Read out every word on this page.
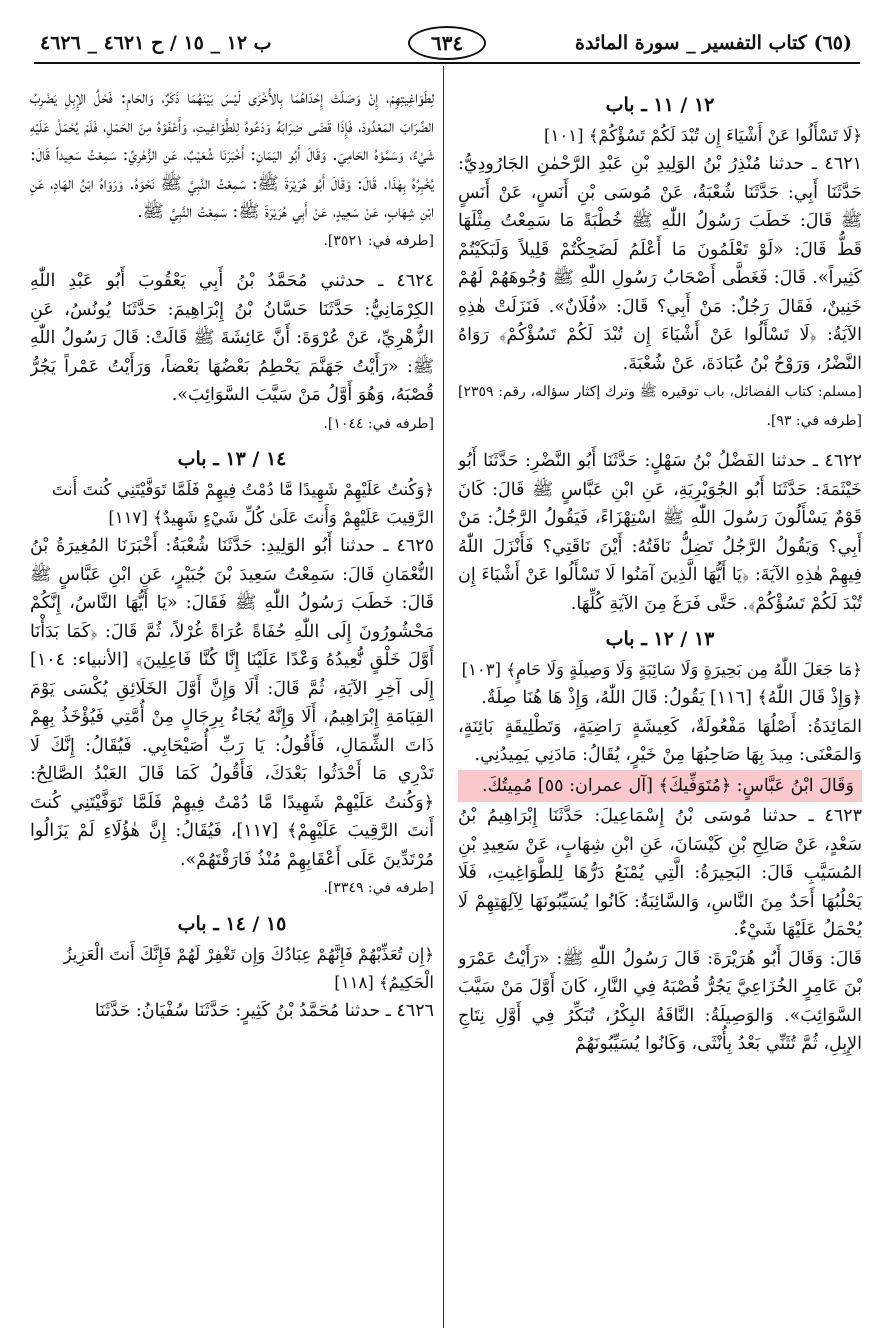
(٦٥) كتاب التفسير _ سورة المائدة
٦٣٤
ب ١٢ _ ١٥ / ح ٤٦٢١ _ ٤٦٢٦
١٢ / ١١ ـ باب

﴿لَا تَسْأَلُوا عَنْ أَشْيَاءَ إِن تُبْدَ لَكُمْ تَسُؤْكُمْ﴾ [١٠١]

٤٦٢١ ـ حدثنا مُنْذِرُ بْنُ الوَلِيدِ بْنِ عَبْدِ الرَّحْمٰنِ الجَارُودِيُّ: حَدَّثَنَا أَبِي: حَدَّثَنَا شُعْبَةُ، عَنْ مُوسَى بْنِ أَنَسٍ، عَنْ أَنَسٍ ﷺ قَالَ: خَطَبَ رَسُولُ اللّٰهِ ﷺ خُطْبَةً مَا سَمِعْتُ مِثْلَهَا قَطُّ قَالَ: «لَوْ تَعْلَمُونَ مَا أَعْلَمُ لَضَحِكْتُمْ قَلِيلاً وَلَبَكَيْتُمْ كَثِيراً». قَالَ: فَغَطَّى أَصْحَابُ رَسُولِ اللّٰهِ ﷺ وُجُوهَهُمْ لَهُمْ خَنِينٌ، فَقَالَ رَجُلٌ: مَنْ أَبِي؟ قَالَ: «فُلَانٌ». فَنَزَلَتْ هٰذِهِ الآيَةُ: ﴿لَا تَسْأَلُوا عَنْ أَشْيَاءَ إِن تُبْدَ لَكُمْ تَسُؤْكُمْ﴾ رَوَاهُ النَّضْرُ، وَرَوْحُ بْنُ عُبَادَةَ، عَنْ شُعْبَةَ.

[مسلم: كتاب الفضائل، باب توقيره ﷺ وترك إكثار سؤاله، رقم: ٢٣٥٩] [طرفه في: ٩٣].

٤٦٢٢ ـ حدثنا الفَضْلُ بْنُ سَهْلٍ: حَدَّثَنَا أَبُو النَّضْرِ: حَدَّثَنَا أَبُو خَيْثَمَةَ: حَدَّثَنَا أَبُو الجُوَيْرِيَةِ، عَنِ ابْنِ عَبَّاسٍ ﷺ قَالَ: كَانَ قَوْمٌ يَسْأَلُونَ رَسُولَ اللّٰهِ ﷺ اسْتِهْزَاءً، فَيَقُولُ الرَّجُلُ: مَنْ أَبِي؟ وَيَقُولُ الرَّجُلُ تَضِلُّ نَاقَتُهُ: أَيْنَ نَاقَتِي؟ فَأَنْزَلَ اللّٰهُ فِيهِمْ هٰذِهِ الآيَةَ: ﴿يَا أَيُّهَا الَّذِينَ آمَنُوا لَا تَسْأَلُوا عَنْ أَشْيَاءَ إِن تُبْدَ لَكُمْ تَسُؤْكُمْ﴾. حَتَّى فَرَغَ مِنَ الآيَةِ كُلِّهَا.

١٣ / ١٢ ـ باب

﴿مَا جَعَلَ اللّٰهُ مِن بَحِيرَةٍ وَلَا سَائِبَةٍ وَلَا وَصِيلَةٍ وَلَا حَامٍ﴾ [١٠٣]

﴿وَإِذْ قَالَ اللّٰهُ﴾ [١١٦] يَقُولُ: قَالَ اللّٰهُ، وَإِذْ هَا هُنَا صِلَةٌ.

المَائِدَةُ: أَصْلُهَا مَفْعُولَةٌ، كَعِيشَةٍ رَاضِيَةٍ، وَتَطْلِيقَةٍ بَائِنَةٍ، وَالمَعْنَى: مِيدَ بِهَا صَاحِبُهَا مِنْ خَيْرٍ، يُقَالُ: مَادَنِي يَمِيدُنِي.

وَقَالَ ابْنُ عَبَّاسٍ: ﴿مُتَوَفِّيكَ﴾ [آل عمران: ٥٥] مُمِيتُكَ.

٤٦٢٣ ـ حدثنا مُوسَى بْنُ إِسْمَاعِيلَ: حَدَّثَنَا إِبْرَاهِيمُ بْنُ سَعْدٍ، عَنْ صَالِحِ بْنِ كَيْسَانَ، عَنِ ابْنِ شِهَابٍ، عَنْ سَعِيدِ بْنِ المُسَيَّبِ قَالَ: البَحِيرَةُ: الَّتِي يُمْنَعُ دَرُّهَا لِلطَّوَاغِيتِ، فَلَا يَحْلُبُهَا أَحَدٌ مِنَ النَّاسِ، وَالسَّائِبَةُ: كَانُوا يُسَيِّبُونَهَا لِآلِهَتِهِمْ لَا يُحْمَلُ عَلَيْهَا شَيْءٌ.

قَالَ: وَقَالَ أَبُو هُرَيْرَةَ: قَالَ رَسُولُ اللّٰهِ ﷺ: «رَأَيْتُ عَمْرَو بْنَ عَامِرٍ الخُزَاعِيَّ يَجُرُّ قُصْبَهُ فِي النَّارِ، كَانَ أَوَّلَ مَنْ سَيَّبَ السَّوَائِبَ». وَالوَصِيلَةُ: النَّاقَةُ البِكْرُ، تُبَكِّرُ فِي أَوَّلِ نِتَاجِ الإِبِلِ، ثُمَّ تُثَنِّي بَعْدُ بِأُنْثَى، وَكَانُوا يُسَيِّبُونَهُمْ

لِطَوَاغِيتِهِمْ، إِنْ وَصَلَتْ إِحْدَاهُمَا بِالأُخْرَى لَيْسَ بَيْنَهُمَا ذَكَرٌ، وَالحَامِ: فَحْلُ الإِبِلِ يَضْرِبُ الضِّرَابَ المَعْدُودَ، فَإِذَا قَضَى ضِرَابَهُ وَدَعُوهُ لِلطَّوَاغِيتِ، وَأَعْفَوْهُ مِنَ الحَمْلِ، فَلَمْ يُحْمَلْ عَلَيْهِ شَيْءٌ، وَسَمَّوْهُ الحَامِيَ. وَقَالَ أَبُو اليَمَانِ: أَخْبَرَنَا شُعَيْبٌ، عَنِ الزُّهْرِيِّ: سَمِعْتُ سَعِيداً قَالَ: يُخْبِرُهُ بِهٰذَا. قَالَ: وَقَالَ أَبُو هُرَيْرَةَ ﷺ: سَمِعْتُ النَّبِيَّ ﷺ نَحْوَهُ. وَرَوَاهُ ابْنُ الهَادِ، عَنِ ابْنِ شِهَابٍ، عَنْ سَعِيدٍ، عَنْ أَبِي هُرَيْرَةَ ﷺ: سَمِعْتُ النَّبِيَّ ﷺ.

[طرفه في: ٣٥٢١].

٤٦٢٤ ـ حدثني مُحَمَّدُ بْنُ أَبِي يَعْقُوبَ أَبُو عَبْدِ اللّٰهِ الكِرْمَانِيُّ: حَدَّثَنَا حَسَّانُ بْنُ إِبْرَاهِيمَ: حَدَّثَنَا يُونُسُ، عَنِ الزُّهْرِيِّ، عَنْ عُرْوَةَ: أَنَّ عَائِشَةَ ﷺ قَالَتْ: قَالَ رَسُولُ اللّٰهِ ﷺ: «رَأَيْتُ جَهَنَّمَ يَحْطِمُ بَعْضُهَا بَعْضاً، وَرَأَيْتُ عَمْراً يَجُرُّ قُصْبَهُ، وَهُوَ أَوَّلُ مَنْ سَيَّبَ السَّوَائِبَ».

[طرفه في: ١٠٤٤].

١٤ / ١٣ ـ باب

﴿وَكُنتُ عَلَيْهِمْ شَهِيدًا مَّا دُمْتُ فِيهِمْ فَلَمَّا تَوَفَّيْتَنِي كُنتَ أَنتَ الرَّقِيبَ عَلَيْهِمْ وَأَنتَ عَلَىٰ كُلِّ شَيْءٍ شَهِيدٌ﴾ [١١٧]

٤٦٢٥ ـ حدثنا أَبُو الوَلِيدِ: حَدَّثَنَا شُعْبَةُ: أَخْبَرَنَا المُغِيرَةُ بْنُ النُّعْمَانِ قَالَ: سَمِعْتُ سَعِيدَ بْنَ جُبَيْرٍ، عَنِ ابْنِ عَبَّاسٍ ﷺ قَالَ: خَطَبَ رَسُولُ اللّٰهِ ﷺ فَقَالَ: «يَا أَيُّهَا النَّاسُ، إِنَّكُمْ مَحْشُورُونَ إِلَى اللّٰهِ حُفَاةً عُرَاةً غُرْلاً، ثُمَّ قَالَ: ﴿كَمَا بَدَأْنَا أَوَّلَ خَلْقٍ نُّعِيدُهُ وَعْدًا عَلَيْنَا إِنَّا كُنَّا فَاعِلِينَ﴾ [الأنبياء: ١٠٤] إِلَى آخِرِ الآيَةِ، ثُمَّ قَالَ: أَلَا وَإِنَّ أَوَّلَ الخَلَائِقِ يُكْسَى يَوْمَ القِيَامَةِ إِبْرَاهِيمُ، أَلَا وَإِنَّهُ يُجَاءُ بِرِجَالٍ مِنْ أُمَّتِي فَيُؤْخَذُ بِهِمْ ذَاتَ الشِّمَالِ، فَأَقُولُ: يَا رَبِّ أُصَيْحَابِي. فَيُقَالُ: إِنَّكَ لَا تَدْرِي مَا أَحْدَثُوا بَعْدَكَ، فَأَقُولُ كَمَا قَالَ العَبْدُ الصَّالِحُ: ﴿وَكُنتُ عَلَيْهِمْ شَهِيدًا مَّا دُمْتُ فِيهِمْ فَلَمَّا تَوَفَّيْتَنِي كُنتَ أَنتَ الرَّقِيبَ عَلَيْهِمْ﴾ [١١٧]، فَيُقَالُ: إِنَّ هٰؤُلَاءِ لَمْ يَزَالُوا مُرْتَدِّينَ عَلَى أَعْقَابِهِمْ مُنْذُ فَارَقْتَهُمْ».

[طرفه في: ٣٣٤٩].

١٥ / ١٤ ـ باب

﴿إِن تُعَذِّبْهُمْ فَإِنَّهُمْ عِبَادُكَ وَإِن تَغْفِرْ لَهُمْ فَإِنَّكَ أَنتَ الْعَزِيزُ الْحَكِيمُ﴾ [١١٨]

٤٦٢٦ ـ حدثنا مُحَمَّدُ بْنُ كَثِيرٍ: حَدَّثَنَا سُفْيَانُ: حَدَّثَنَا
